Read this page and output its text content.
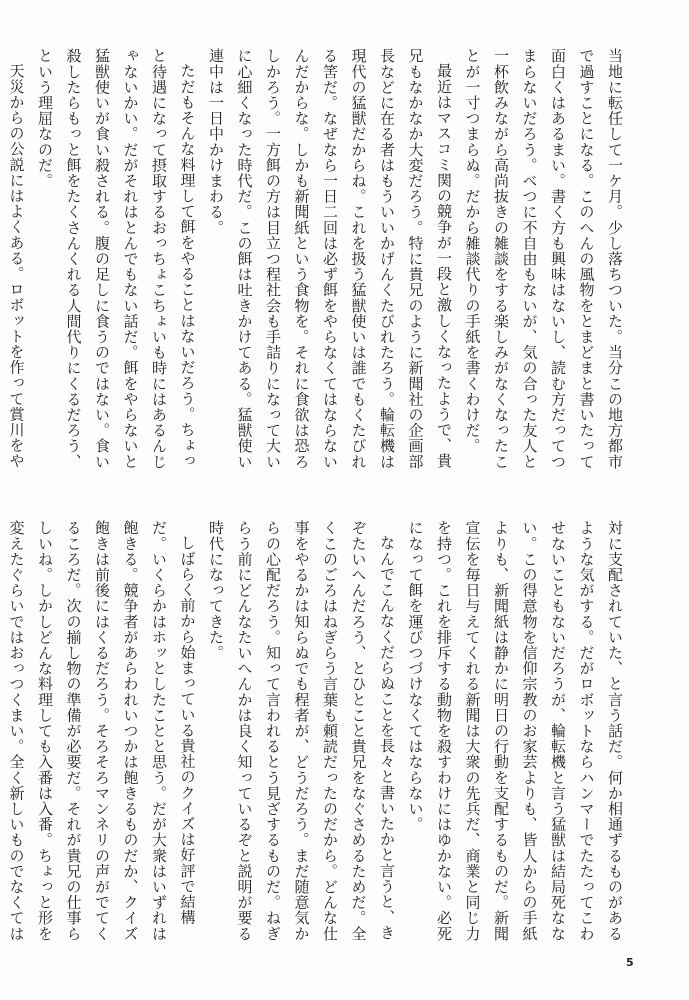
当地に転任して一ケ月。少し落ちついた。当分この地方都市で過すことになる。このへんの風物をとまどまと書いたって面白くはあるまい。書く方も興味はないし、読む方だってつまらないだろう。べつに不自由もないが、気の合った友人と一杯飲みながら高尚抜きの雑談をする楽しみがなくなったことが一寸つまらぬ。だから雑談代りの手紙を書くわけだ。

最近はマスコミ関の競争が一段と激しくなったようで、貴兄もなかなか大変だろう。特に貴兄のように新聞社の企画部長などに在る者はもういいかげんくたびれたろう。輪転機は現代の猛獣だからね。これを扱う猛獣使いは誰でもくたびれる筈だ。なぜなら一日二回は必ず餌をやらなくてはならないんだからな。しかも新聞紙という食物を。それに食欲は恐ろしかろう。一方餌の方は目立つ程社会も手詰りになって大いに心細くなった時代だ。この餌は吐きかけてある。猛獣使い連中は一日中かけまわる。

ただもそんな料理して餌をやることはないだろう。ちょっと待遇になって摂取するおっちょこちょいも時にはあるんじゃないかい。だがそれはとんでもない話だ。餌をやらないと猛獣使いが食い殺される。腹の足しに食うのではない。食い殺したらもっと餌をたくさんくれる人間代りにくるだろう、という理屈なのだ。

天災からの公説にはよくある。ロボットを作って賞川をや

対に支配されていた、と言う話だ。何か相通ずるものがあるような気がする。だがロボットならハンマーでたたってこわせないこともないだろうが、輪転機と言う猛獣は結局死なない。この得意物を信仰宗教のお家芸よりも、皆人からの手紙よりも、新聞紙は静かに明日の行動を支配するものだ。新聞宣伝を毎日与えてくれる新聞は大衆の先兵だ、商業と同じ力を持つ。これを排斥する動物を殺すわけにはゆかない。必死になって餌を運びつづけなくてはならない。

なんでこんなくだらぬことを長々と書いたかと言うと、きぞたいへんだろう、とひとこと貴兄をなぐさめるためだ。全くこのごろはねぎらう言葉も頼読だったのだから。どんな仕事をやるかは知らぬでも程者が、どうだろう。まだ随意気からの心配だろう。知って言われるとう見ざするものだ。ねぎらう前にどんなたいへんかは良く知っているぞと説明が要る時代になってきた。

しばらく前から始まっている貴社のクイズは好評で結構だ。いくらかはホッとしたことと思う。だが大衆はいずれは飽きる。競争者があらわれいつかは飽きるものだか、クイズ飽きは前後にはくるだろう。そろそろマンネリの声がでてくるころだ。次の揃し物の準備が必要だ。それが貴兄の仕事らしいね。しかしどんな料理しても入番は入番。ちょっと形を変えたぐらいではおっつくまい。全く新しいものでなくては

5
